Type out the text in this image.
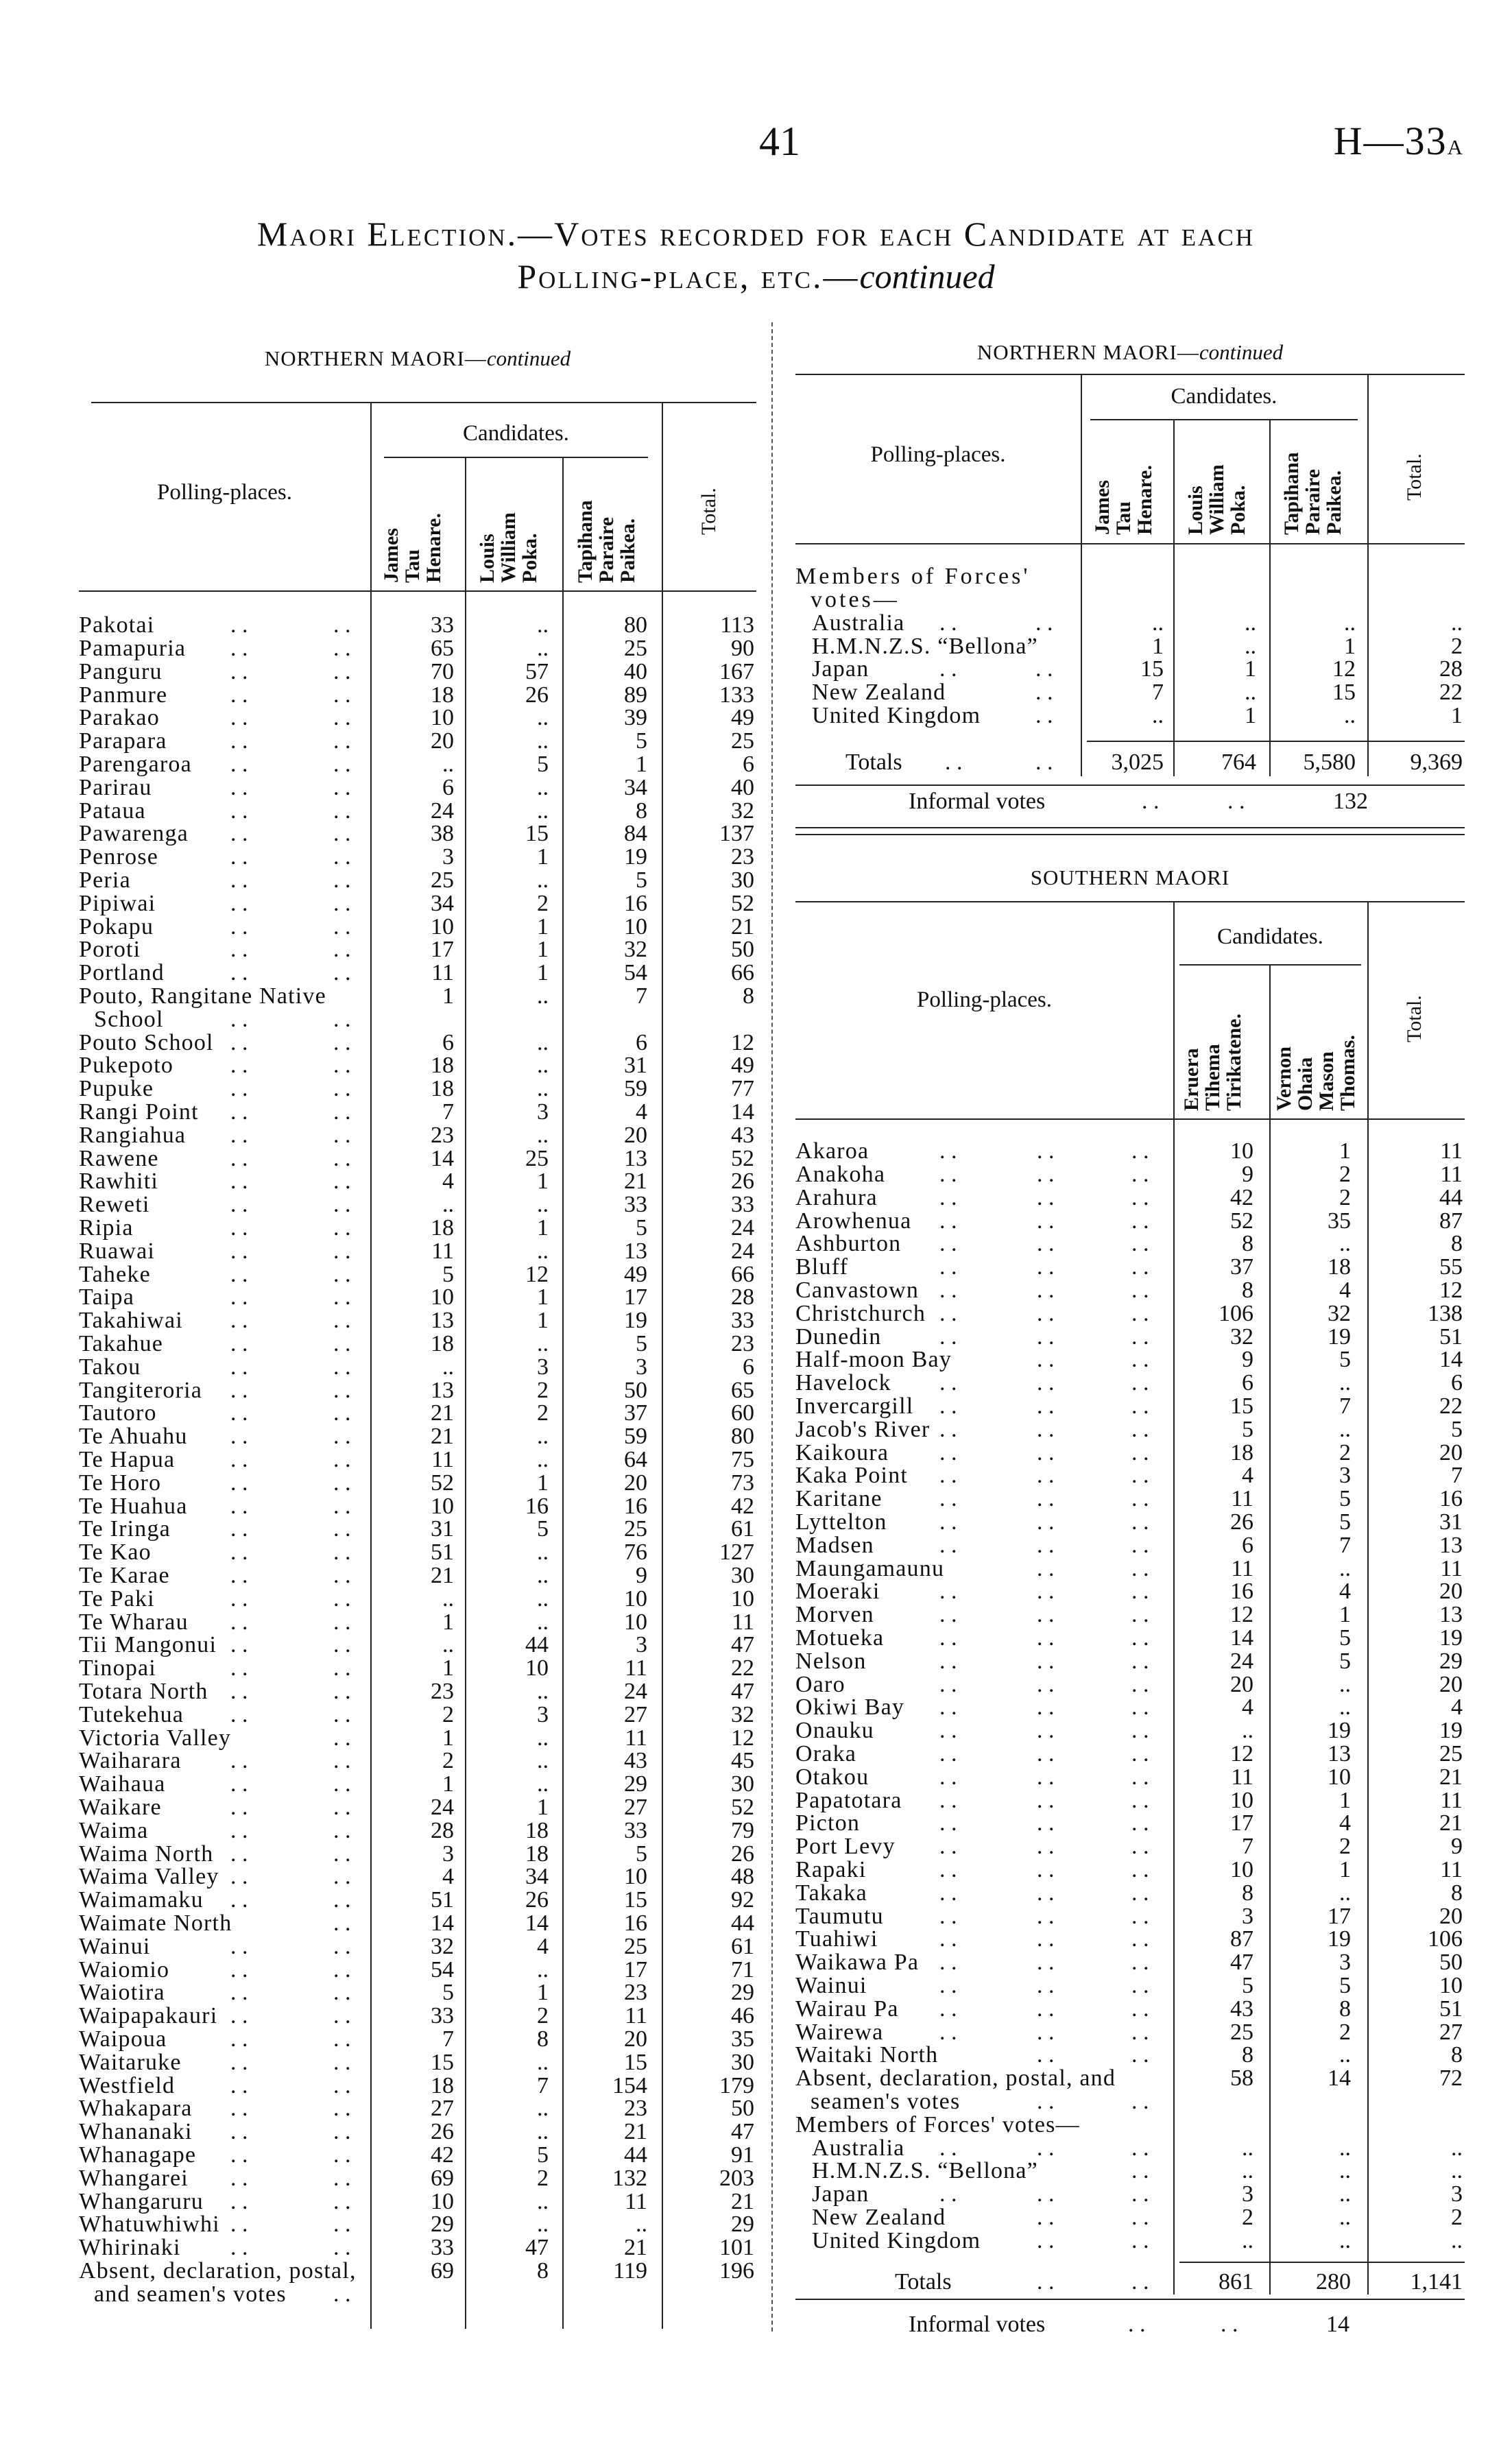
41	H—33a
Maori Election.—Votes recorded for each Candidate at each
Polling-place, etc.—continued
NORTHERN MAORI—continued
Candidates.
Polling-places.
James
Tau
Henare. Louis
William
Poka. Tapihana
Paraire
Paikea.
Total.
Pakotai	. .	. .	33	..	80	113
Pamapuria . .	. .	65	..	25	90
Panguru	. .	. .	70	57	40	167
Panmure	. .	. .	18	26	89	133
Parakao	. .	. .	10	..	39	49
Parapara	. .	. .	20	..	5	25
Parengaroa . .	. .	..	5	1	6
Parirau	. .	. .	6	..	34	40
Pataua	. .	. .	24	..	8	32
Pawarenga . .	. .	38	15	84	137
Penrose	. .	. .	3	1	19	23
Peria	. .	. .	25	..	5	30
Pipiwai	. .	. .	34	2	16	52
Pokapu	. .	. .	10	1	10	21
Poroti	. .	. .	17	1	32	50
Portland	. .	. .	11	1	54	66
Pouto, Rangitane Native School	. .	. .
1	..	7	8
Pouto School . .	. .	6	..	6	12
Pukepoto . .	. .	18	..	31	49
Pupuke	. .	. .	18	..	59	77
Rangi Point . .	. .	7	3	4	14
Rangiahua . .	. .	23	..	20	43
Rawene	. .	. .	14	25	13	52
Rawhiti	. .	. .	4	1	21	26
Reweti	. .	. .	..	..	33	33
Ripia	. .	. .	18	1	5	24
Ruawai	. .	. .	11	..	13	24
Taheke	. .	. .	5	12	49	66
Taipa	. .	. .	10	1	17	28
Takahiwai . .	. .	13	1	19	33
Takahue	. .	. .	18	..	5	23
Takou	. .	. .	..	3	3	6
Tangiteroria . .	. .	13	2	50	65
Tautoro	. .	. .	21	2	37	60
Te Ahuahu . .	. .	21	..	59	80
Te Hapua . .	. .	11	..	64	75
Te Horo	. .	. .	52	1	20	73
Te Huahua . .	. .	10	16	16	42
Te Iringa	. .	. .	31	5	25	61
Te Kao	. .	. .	51	..	76	127
Te Karae	. .	. .	21	..	9	30
Te Paki	. .	. .	..	..	10	10
Te Wharau . .	. .	1	..	10	11
Tii Mangonui . .	. .	..	44	3	47
Tinopai	. .	. .	1	10	11	22
Totara North . .	. .	23	..	24	47
Tutekehua . .	. .	2	3	27	32
Victoria Valley	. .	1	..	11	12
Waiharara . .	. .	2	..	43	45
Waihaua	. .	. .	1	..	29	30
Waikare	. .	. .	24	1	27	52
Waima	. .	. .	28	18	33	79
Waima North . .	. .	3	18	5	26
Waima Valley . .	. .	4	34	10	48
Waimamaku . .	. .	51	26	15	92
Waimate North	. .	14	14	16	44
Wainui	. .	. .	32	4	25	61
Waiomio	. .	. .	54	..	17	71
Waiotira	. .	. .	5	1	23	29
Waipapakauri . .	. .	33	2	11	46
Waipoua	. .	. .	7	8	20	35
Waitaruke . .	. .	15	..	15	30
Westfield . .	. .	18	7	154	179
Whakapara . .	. .	27	..	23	50
Whananaki . .	. .	26	..	21	47
Whanagape . .	. .	42	5	44	91
Whangarei . .	. .	69	2	132	203
Whangaruru . .	. .	10	..	11	21
Whatuwhiwhi . .	. .	29	..	..	29
Whirinaki . .	. .	33	47	21	101
Absent, declaration, postal, and seamen's votes	. .
69	8	119	196
NORTHERN MAORI—continued
Candidates.
Polling-places.
James
Tau
Henare. Louis
William
Poka. Tapihana
Paraire
Paikea.	Total.
Members of Forces' votes—
Australia . .	. .	..	..	..	..
H.M.N.Z.S. “Bellona”	1	..	1	2
Japan	. .	. .	15	1	12	28
New Zealand	. .	7	..	15	22
United Kingdom . .	..	1	..	1
Totals . .	. .	3,025	764	5,580	9,369
Informal votes	. .	. .	132
SOUTHERN MAORI
Candidates.
Polling-places.
Eruera
Tihema
Tirikatene. Vernon
Ohaia
Mason
Thomas.
Total.
Akaroa	. .	. .	. .	10	1	11
Anakoha . .	. .	. .	9	2	11
Arahura	. .	. .	. .	42	2	44
Arowhenua . .	. .	. .	52	35	87
Ashburton . .	. .	. .	8	..	8
Bluff	. .	. .	. .	37	18	55
Canvastown . .	. .	. .	8	4	12
Christchurch . .	. .	. .	106	32	138
Dunedin . .	. .	. .	32	19	51
Half-moon Bay	. .	. .	9	5	14
Havelock . .	. .	. .	6	..	6
Invercargill . .	. .	. .	15	7	22
Jacob's River . .	. .	. .	5	..	5
Kaikoura . .	. .	. .	18	2	20
Kaka Point . .	. .	. .	4	3	7
Karitane . .	. .	. .	11	5	16
Lyttelton . .	. .	. .	26	5	31
Madsen	. .	. .	. .	6	7	13
Maungamaunu	. .	. .	11	..	11
Moeraki	. .	. .	. .	16	4	20
Morven	. .	. .	. .	12	1	13
Motueka . .	. .	. .	14	5	19
Nelson	. .	. .	. .	24	5	29
Oaro	. .	. .	. .	20	..	20
Okiwi Bay . .	. .	. .	4	..	4
Onauku	. .	. .	. .	..	19	19
Oraka	. .	. .	. .	12	13	25
Otakou	. .	. .	. .	11	10	21
Papatotara . .	. .	. .	10	1	11
Picton	. .	. .	. .	17	4	21
Port Levy . .	. .	. .	7	2	9
Rapaki	. .	. .	. .	10	1	11
Takaka	. .	. .	. .	8	..	8
Taumutu . .	. .	. .	3	17	20
Tuahiwi	. .	. .	. .	87	19	106
Waikawa Pa . .	. .	. .	47	3	50
Wainui	. .	. .	. .	5	5	10
Wairau Pa . .	. .	. .	43	8	51
Wairewa . .	. .	. .	25	2	27
Waitaki North	. .	. .	8	..	8
Absent, declaration, postal, and seamen's votes	. .	. .
58	14	72
Members of Forces' votes—
Australia . .	. .	. .	..	..	..
H.M.N.Z.S. “Bellona”	. .	..	..	..
Japan	. .	. .	. .	3	..	3
New Zealand	. .	. .	2	..	2
United Kingdom . .	. .	..	..	..
Totals	. .	. .	861	280	1,141
Informal votes	. .	. .	14
